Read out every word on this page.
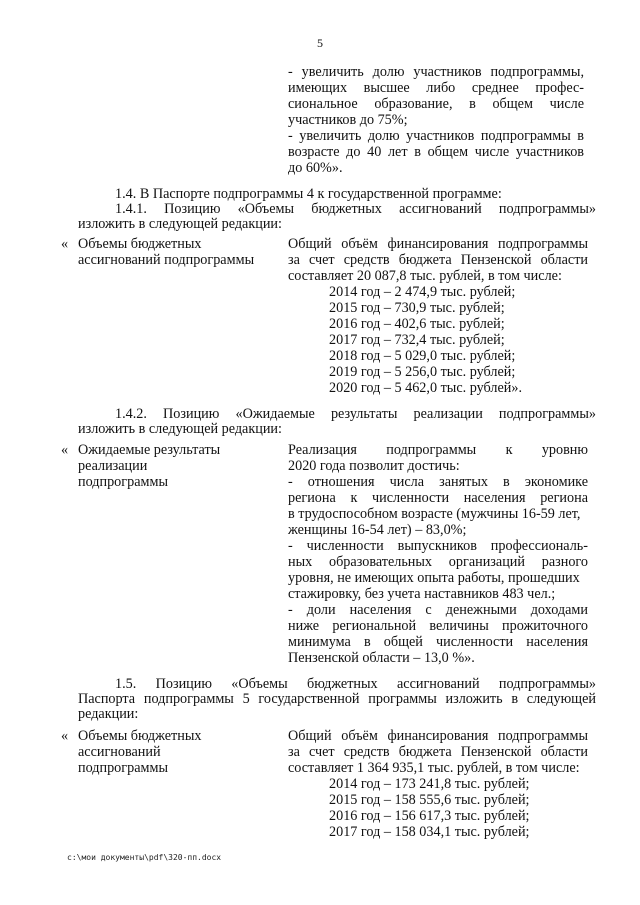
5
- увеличить долю участников подпрограммы,
имеющих высшее либо среднее профес-
сиональное образование, в общем числе
участников до 75%;
- увеличить долю участников подпрограммы в
возрасте до 40 лет в общем числе участников
до 60%».
1.4. В Паспорте подпрограммы 4 к государственной программе:
1.4.1. Позицию «Объемы бюджетных ассигнований подпрограммы»
изложить в следующей редакции:
« Объемы бюджетных
ассигнований подпрограммы
Общий объём финансирования подпрограммы
за счет средств бюджета Пензенской области
составляет 20 087,8 тыс. рублей, в том числе:
2014 год – 2 474,9 тыс. рублей;
2015 год – 730,9 тыс. рублей;
2016 год – 402,6 тыс. рублей;
2017 год – 732,4 тыс. рублей;
2018 год – 5 029,0 тыс. рублей;
2019 год – 5 256,0 тыс. рублей;
2020 год – 5 462,0 тыс. рублей».
1.4.2. Позицию «Ожидаемые результаты реализации подпрограммы»
изложить в следующей редакции:
« Ожидаемые результаты
реализации
подпрограммы
Реализация подпрограммы к уровню
2020 года позволит достичь:
- отношения числа занятых в экономике
региона к численности населения региона
в трудоспособном возрасте (мужчины 16-59 лет,
женщины 16-54 лет) – 83,0%;
- численности выпускников профессиональ-
ных образовательных организаций разного
уровня, не имеющих опыта работы, прошедших
стажировку, без учета наставников 483 чел.;
- доли населения с денежными доходами
ниже региональной величины прожиточного
минимума в общей численности населения
Пензенской области – 13,0 %».
1.5. Позицию «Объемы бюджетных ассигнований подпрограммы»
Паспорта подпрограммы 5 государственной программы изложить в следующей
редакции:
« Объемы бюджетных
ассигнований
подпрограммы
Общий объём финансирования подпрограммы
за счет средств бюджета Пензенской области
составляет 1 364 935,1 тыс. рублей, в том числе:
2014 год – 173 241,8 тыс. рублей;
2015 год – 158 555,6 тыс. рублей;
2016 год – 156 617,3 тыс. рублей;
2017 год – 158 034,1 тыс. рублей;
c:\мои документы\pdf\320-пп.docx
